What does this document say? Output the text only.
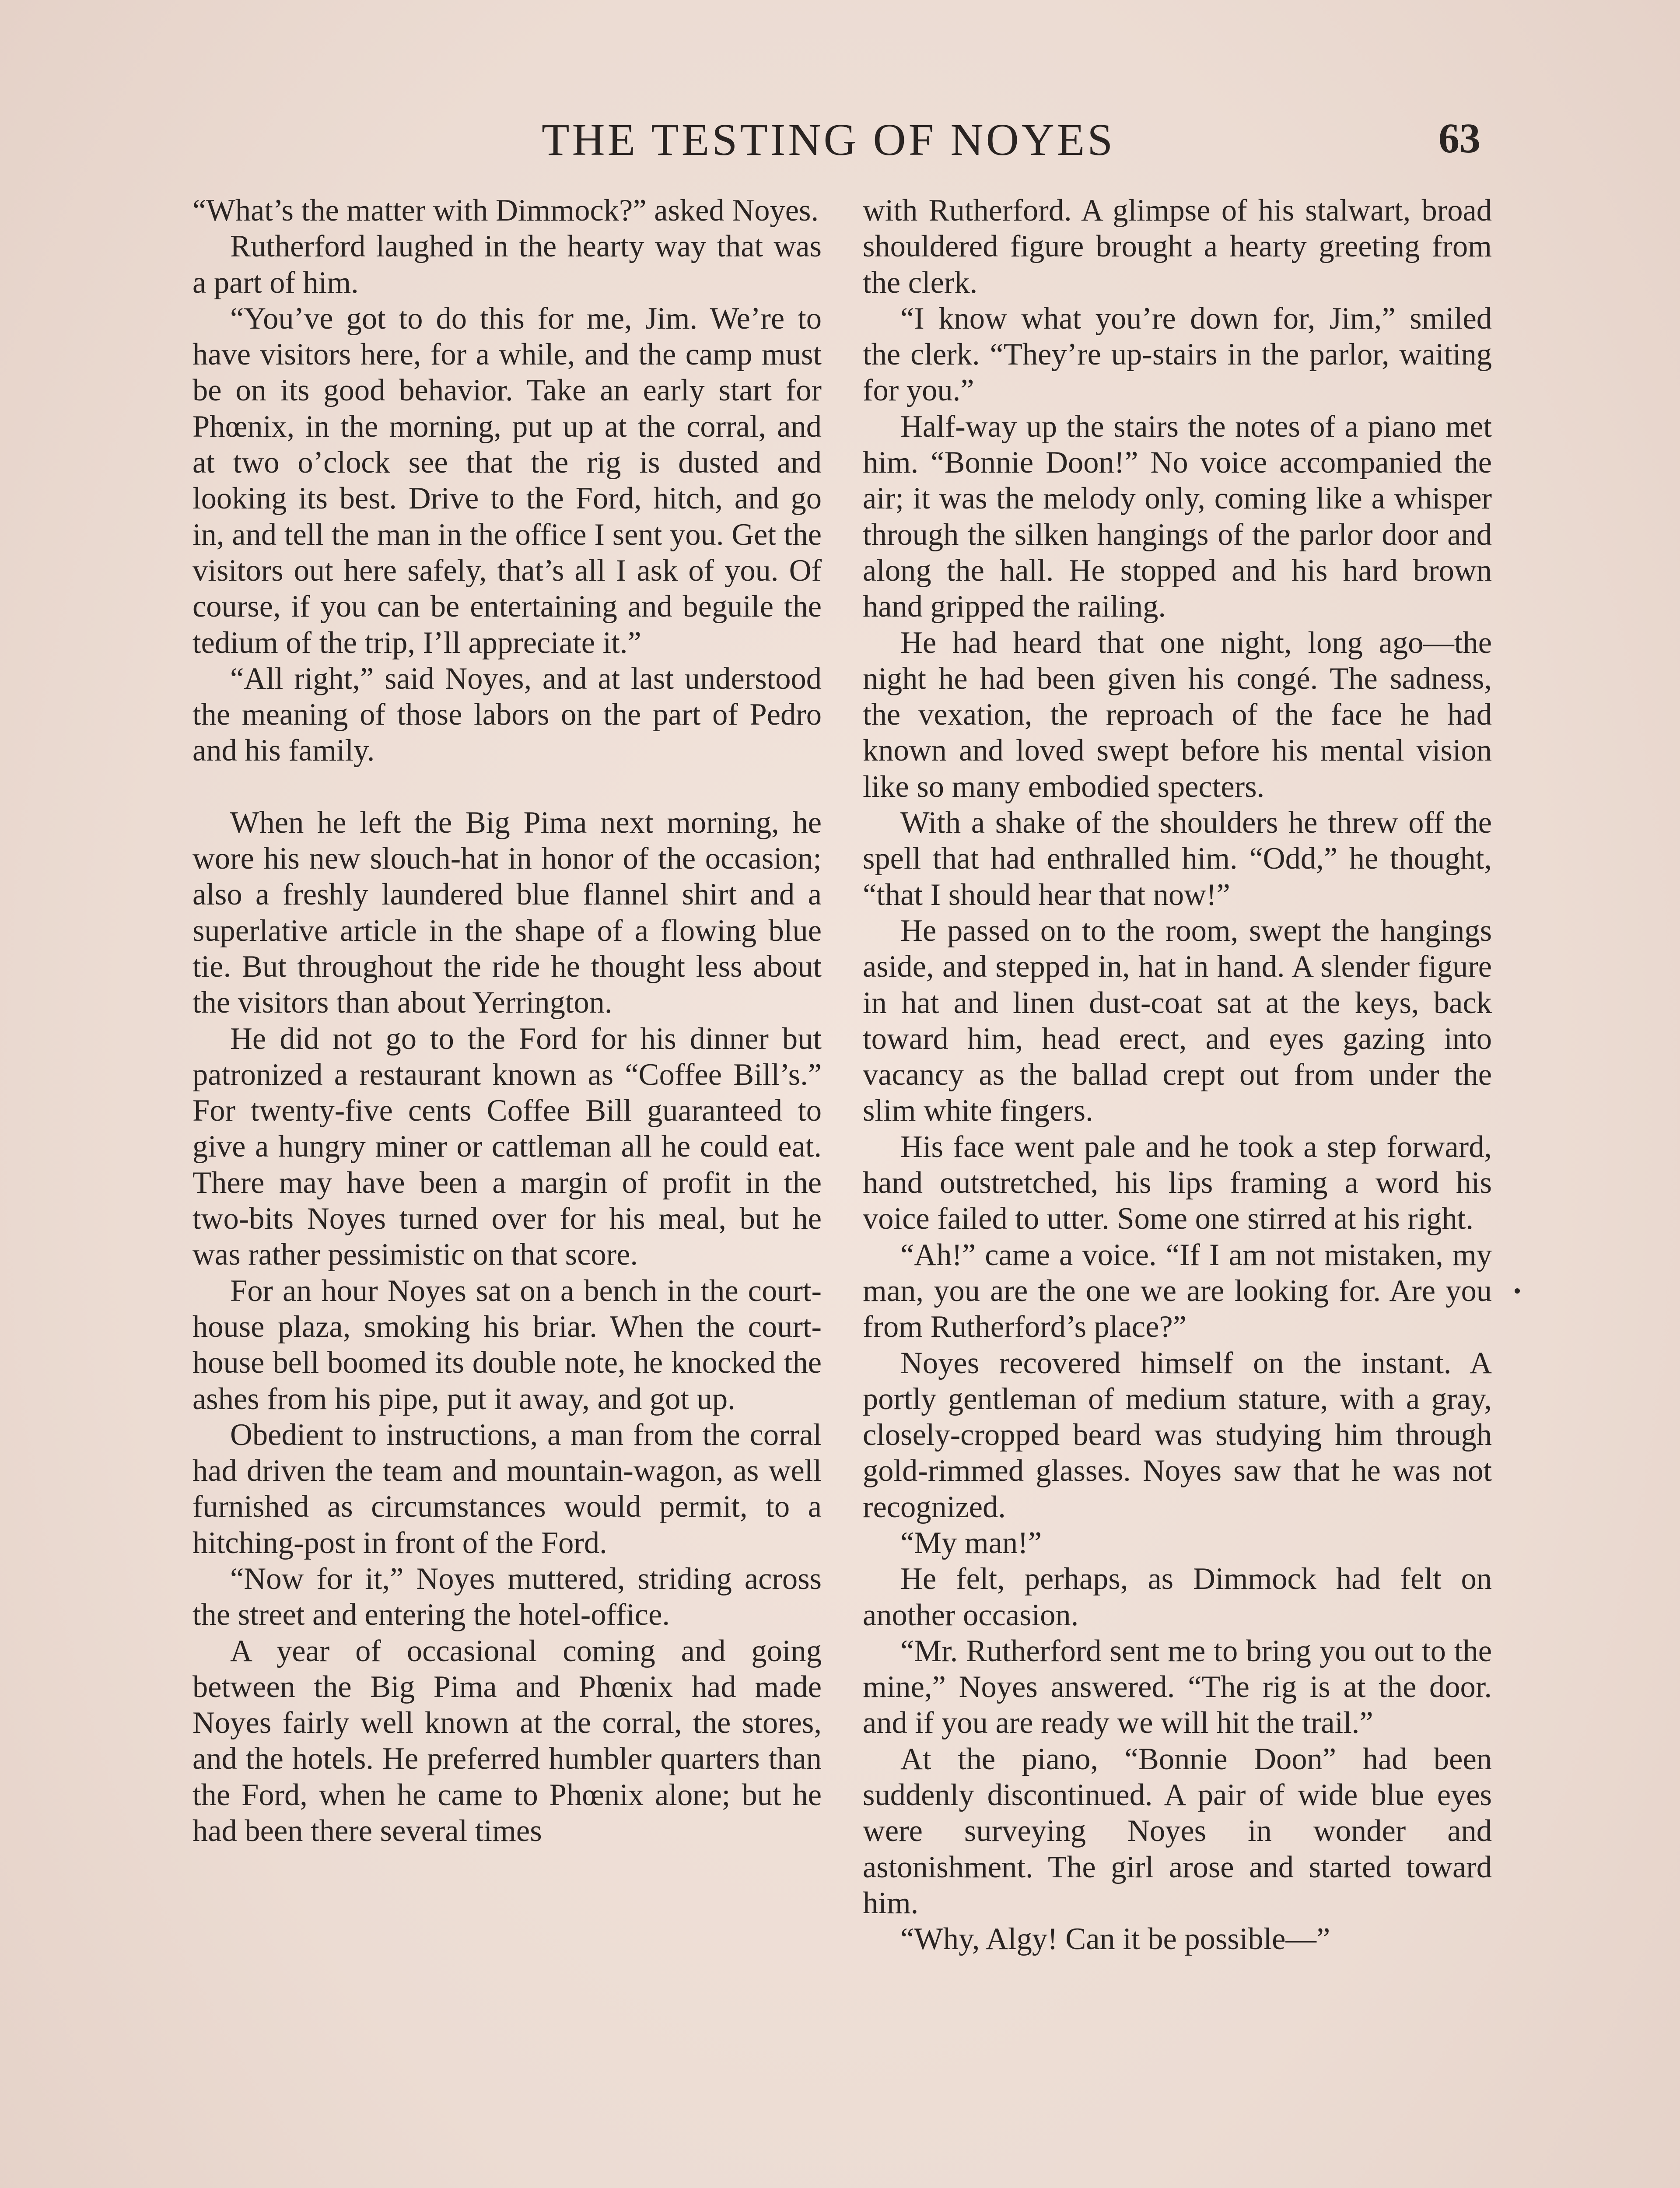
THE TESTING OF NOYES	63

“What’s the matter with Dimmock?” asked Noyes.

Rutherford laughed in the hearty way that was a part of him.

“You’ve got to do this for me, Jim. We’re to have visitors here, for a while, and the camp must be on its good behavior. Take an early start for Phœnix, in the morning, put up at the corral, and at two o’clock see that the rig is dusted and looking its best. Drive to the Ford, hitch, and go in, and tell the man in the office I sent you. Get the visitors out here safely, that’s all I ask of you. Of course, if you can be entertaining and beguile the tedium of the trip, I’ll appreciate it.”

“All right,” said Noyes, and at last understood the meaning of those labors on the part of Pedro and his family.

When he left the Big Pima next morning, he wore his new slouch-hat in honor of the occasion; also a freshly laundered blue flannel shirt and a superlative article in the shape of a flowing blue tie. But throughout the ride he thought less about the visitors than about Yerrington.

He did not go to the Ford for his dinner but patronized a restaurant known as “Coffee Bill’s.” For twenty-five cents Coffee Bill guaranteed to give a hungry miner or cattleman all he could eat. There may have been a margin of profit in the two-bits Noyes turned over for his meal, but he was rather pessimistic on that score.

For an hour Noyes sat on a bench in the court-house plaza, smoking his briar. When the court-house bell boomed its double note, he knocked the ashes from his pipe, put it away, and got up.

Obedient to instructions, a man from the corral had driven the team and mountain-wagon, as well furnished as circumstances would permit, to a hitching-post in front of the Ford.

“Now for it,” Noyes muttered, striding across the street and entering the hotel-office.

A year of occasional coming and going between the Big Pima and Phœnix had made Noyes fairly well known at the corral, the stores, and the hotels. He preferred humbler quarters than the Ford, when he came to Phœnix alone; but he had been there several times

with Rutherford. A glimpse of his stalwart, broad shouldered figure brought a hearty greeting from the clerk.

“I know what you’re down for, Jim,” smiled the clerk. “They’re up-stairs in the parlor, waiting for you.”

Half-way up the stairs the notes of a piano met him. “Bonnie Doon!” No voice accompanied the air; it was the melody only, coming like a whisper through the silken hangings of the parlor door and along the hall. He stopped and his hard brown hand gripped the railing.

He had heard that one night, long ago—the night he had been given his congé. The sadness, the vexation, the reproach of the face he had known and loved swept before his mental vision like so many embodied specters.

With a shake of the shoulders he threw off the spell that had enthralled him. “Odd,” he thought, “that I should hear that now!”

He passed on to the room, swept the hangings aside, and stepped in, hat in hand. A slender figure in hat and linen dust-coat sat at the keys, back toward him, head erect, and eyes gazing into vacancy as the ballad crept out from under the slim white fingers.

His face went pale and he took a step forward, hand outstretched, his lips framing a word his voice failed to utter. Some one stirred at his right.

“Ah!” came a voice. “If I am not mistaken, my man, you are the one we are looking for. Are you from Rutherford’s place?”

Noyes recovered himself on the instant. A portly gentleman of medium stature, with a gray, closely-cropped beard was studying him through gold-rimmed glasses. Noyes saw that he was not recognized.

“My man!”

He felt, perhaps, as Dimmock had felt on another occasion.

“Mr. Rutherford sent me to bring you out to the mine,” Noyes answered. “The rig is at the door. and if you are ready we will hit the trail.”

At the piano, “Bonnie Doon” had been suddenly discontinued. A pair of wide blue eyes were surveying Noyes in wonder and astonishment. The girl arose and started toward him.

“Why, Algy! Can it be possible—”
